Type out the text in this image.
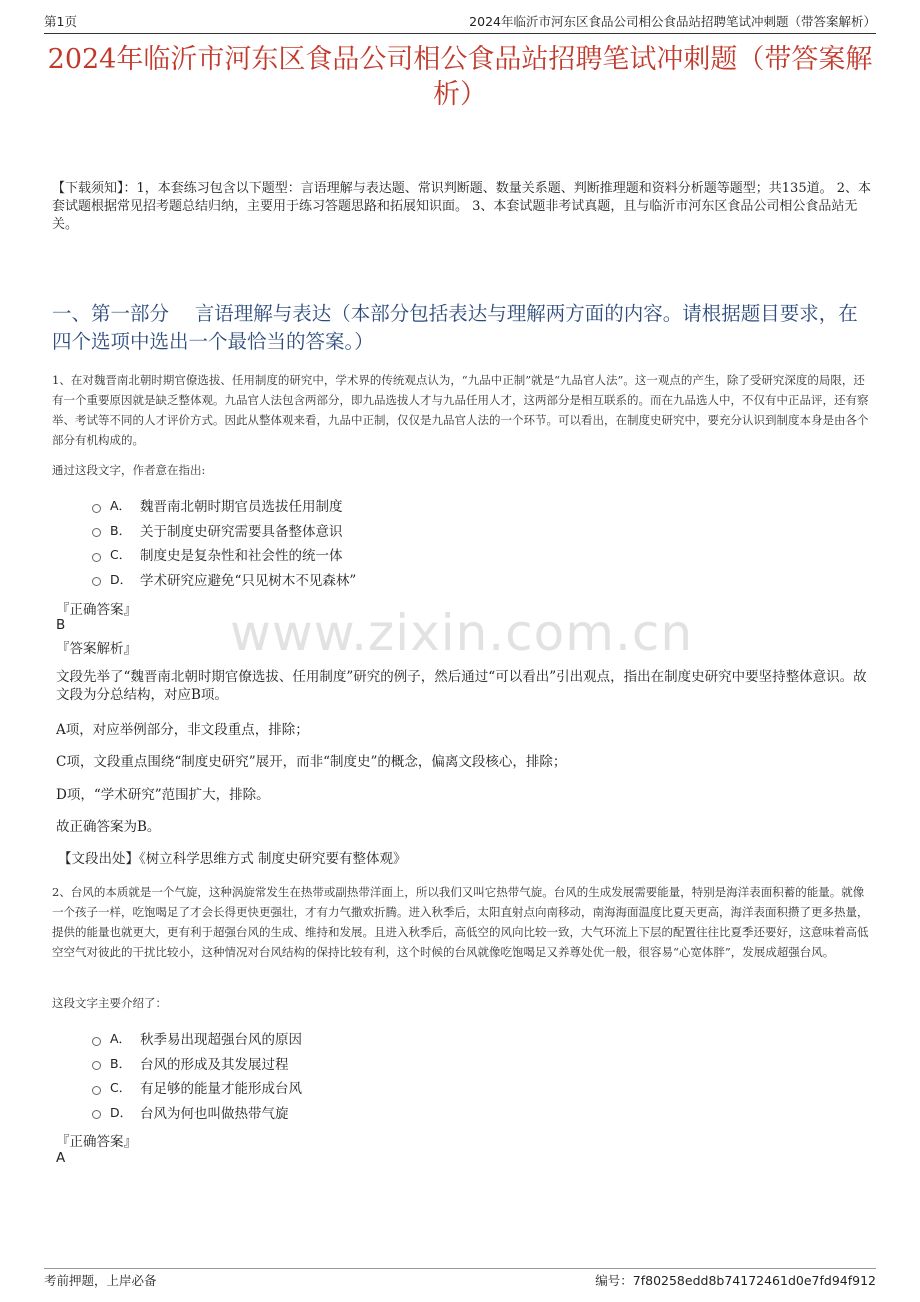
第1页	2024年临沂市河东区食品公司相公食品站招聘笔试冲刺题（带答案解析）
2024年临沂市河东区食品公司相公食品站招聘笔试冲刺题（带答案解析）
【下载须知】：1，本套练习包含以下题型：言语理解与表达题、常识判断题、数量关系题、判断推理题和资料分析题等题型；共135道。 2、本套试题根据常见招考题总结归纳，主要用于练习答题思路和拓展知识面。 3、本套试题非考试真题，且与临沂市河东区食品公司相公食品站无关。
一、第一部分　 言语理解与表达（本部分包括表达与理解两方面的内容。请根据题目要求，在四个选项中选出一个最恰当的答案。）
1、在对魏晋南北朝时期官僚选拔、任用制度的研究中，学术界的传统观点认为，“九品中正制”就是“九品官人法”。这一观点的产生，除了受研究深度的局限，还有一个重要原因就是缺乏整体观。九品官人法包含两部分，即九品选拔人才与九品任用人才，这两部分是相互联系的。而在九品选人中，不仅有中正品评，还有察举、考试等不同的人才评价方式。因此从整体观来看，九品中正制，仅仅是九品官人法的一个环节。可以看出，在制度史研究中，要充分认识到制度本身是由各个部分有机构成的。
通过这段文字，作者意在指出:
A． 魏晋南北朝时期官员选拔任用制度
B． 关于制度史研究需要具备整体意识
C． 制度史是复杂性和社会性的统一体
D． 学术研究应避免“只见树木不见森林”
『正确答案』
B
『答案解析』 www.zixin.com.cn
文段先举了“魏晋南北朝时期官僚选拔、任用制度”研究的例子，然后通过“可以看出”引出观点，指出在制度史研究中要坚持整体意识。故文段为分总结构，对应B项。
A项，对应举例部分，非文段重点，排除；
C项，文段重点围绕“制度史研究”展开，而非“制度史”的概念，偏离文段核心，排除；
D项，“学术研究”范围扩大，排除。
故正确答案为B。
【文段出处】《树立科学思维方式 制度史研究要有整体观》
2、台风的本质就是一个气旋，这种涡旋常发生在热带或副热带洋面上，所以我们又叫它热带气旋。台风的生成发展需要能量，特别是海洋表面积蓄的能量。就像一个孩子一样，吃饱喝足了才会长得更快更强壮，才有力气撒欢折腾。进入秋季后，太阳直射点向南移动，南海海面温度比夏天更高，海洋表面积攒了更多热量，提供的能量也就更大，更有利于超强台风的生成、维持和发展。且进入秋季后，高低空的风向比较一致，大气环流上下层的配置往往比夏季还要好，这意味着高低空空气对彼此的干扰比较小，这种情况对台风结构的保持比较有利，这个时候的台风就像吃饱喝足又养尊处优一般，很容易“心宽体胖”，发展成超强台风。
这段文字主要介绍了：
A． 秋季易出现超强台风的原因
B． 台风的形成及其发展过程
C． 有足够的能量才能形成台风
D． 台风为何也叫做热带气旋
『正确答案』
A
考前押题，上岸必备	编号：7f80258edd8b74172461d0e7fd94f912
